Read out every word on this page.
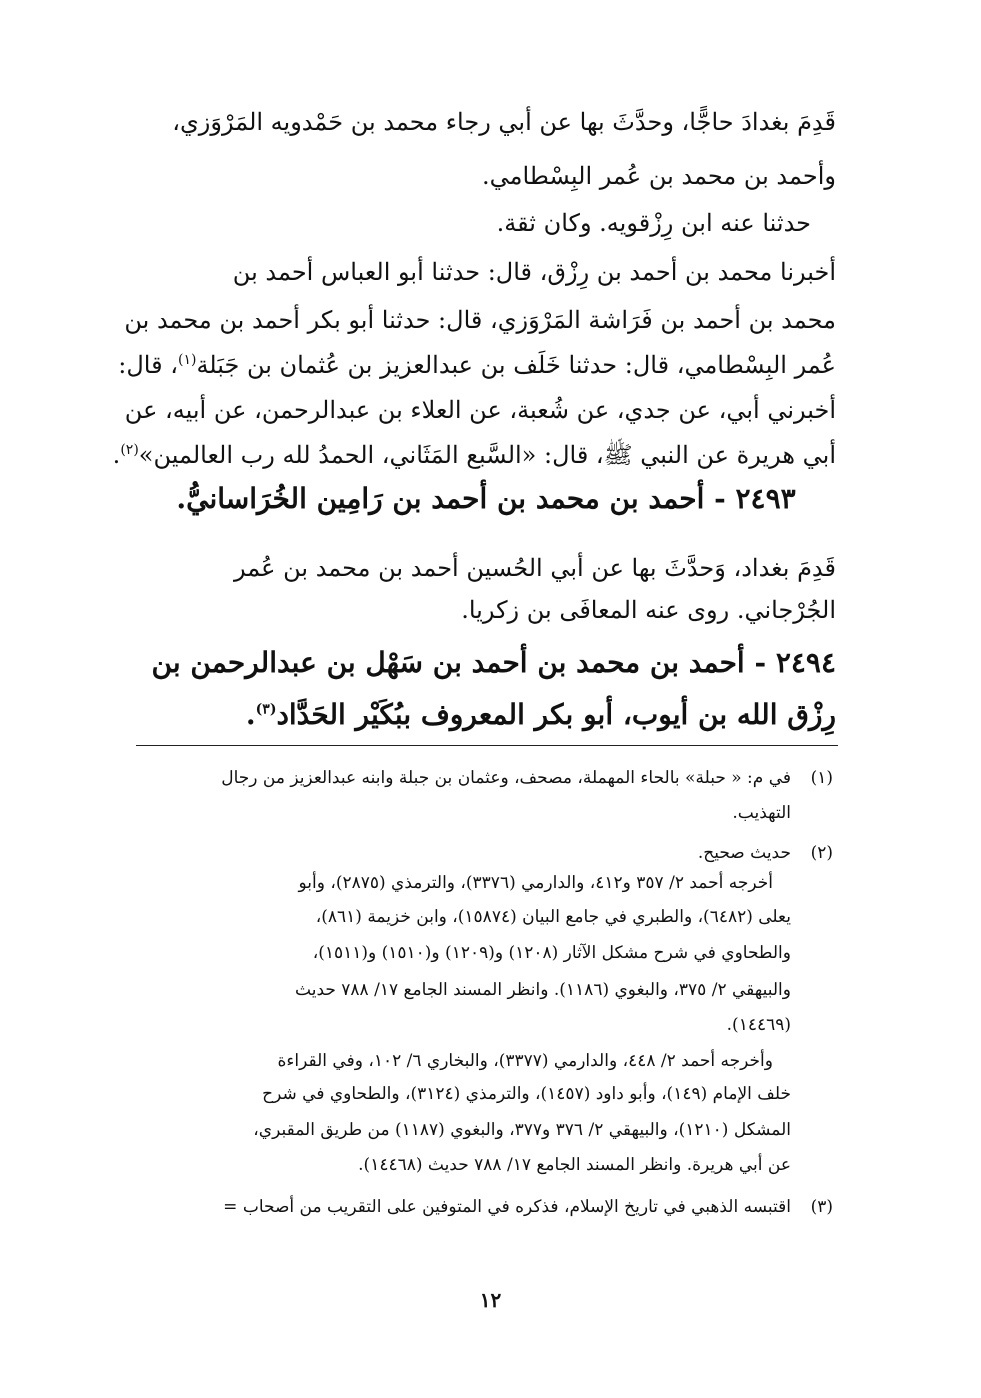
قَدِمَ بغدادَ حاجًّا، وحدَّثَ بها عن أبي رجاء محمد بن حَمْدويه المَرْوَزي،
وأحمد بن محمد بن عُمر البِسْطامي.
حدثنا عنه ابن رِزْقويه. وكان ثقة.
أخبرنا محمد بن أحمد بن رِزْق، قال: حدثنا أبو العباس أحمد بن
محمد بن أحمد بن فَرَاشة المَرْوَزي، قال: حدثنا أبو بكر أحمد بن محمد بن
عُمر البِسْطامي، قال: حدثنا خَلَف بن عبدالعزيز بن عُثمان بن جَبَلة$^{(١)}$، قال:
أخبرني أبي، عن جدي، عن شُعبة، عن العلاء بن عبدالرحمن، عن أبيه، عن
أبي هريرة عن النبي ﷺ، قال: «السَّبع المَثَاني، الحمدُ لله رب العالمين»$^{(٢)}$.
٢٤٩٣ - أحمد بن محمد بن أحمد بن رَامِين الخُرَاسانيُّ.
قَدِمَ بغداد، وَحدَّثَ بها عن أبي الحُسين أحمد بن محمد بن عُمر
الجُرْجاني. روى عنه المعافَى بن زكريا.
٢٤٩٤ - أحمد بن محمد بن أحمد بن سَهْل بن عبدالرحمن بن
رِزْق الله بن أيوب، أبو بكر المعروف ببُكَيْر الحَدَّاد$^{(٣)}$.
(١)
في م: « حبلة» بالحاء المهملة، مصحف، وعثمان بن جبلة وابنه عبدالعزيز من رجال
التهذيب.
(٢)
حديث صحيح.
أخرجه أحمد ٢/ ٣٥٧ و٤١٢، والدارمي (٣٣٧٦)، والترمذي (٢٨٧٥)، وأبو
يعلى (٦٤٨٢)، والطبري في جامع البيان (١٥٨٧٤)، وابن خزيمة (٨٦١)،
والطحاوي في شرح مشكل الآثار (١٢٠٨) و(١٢٠٩) و(١٥١٠) و(١٥١١)،
والبيهقي ٢/ ٣٧٥، والبغوي (١١٨٦). وانظر المسند الجامع ١٧/ ٧٨٨ حديث
(١٤٤٦٩).
وأخرجه أحمد ٢/ ٤٤٨، والدارمي (٣٣٧٧)، والبخاري ٦/ ١٠٢، وفي القراءة
خلف الإمام (١٤٩)، وأبو داود (١٤٥٧)، والترمذي (٣١٢٤)، والطحاوي في شرح
المشكل (١٢١٠)، والبيهقي ٢/ ٣٧٦ و٣٧٧، والبغوي (١١٨٧) من طريق المقبري،
عن أبي هريرة. وانظر المسند الجامع ١٧/ ٧٨٨ حديث (١٤٤٦٨).
(٣)
اقتبسه الذهبي في تاريخ الإسلام، فذكره في المتوفين على التقريب من أصحاب =
١٢
